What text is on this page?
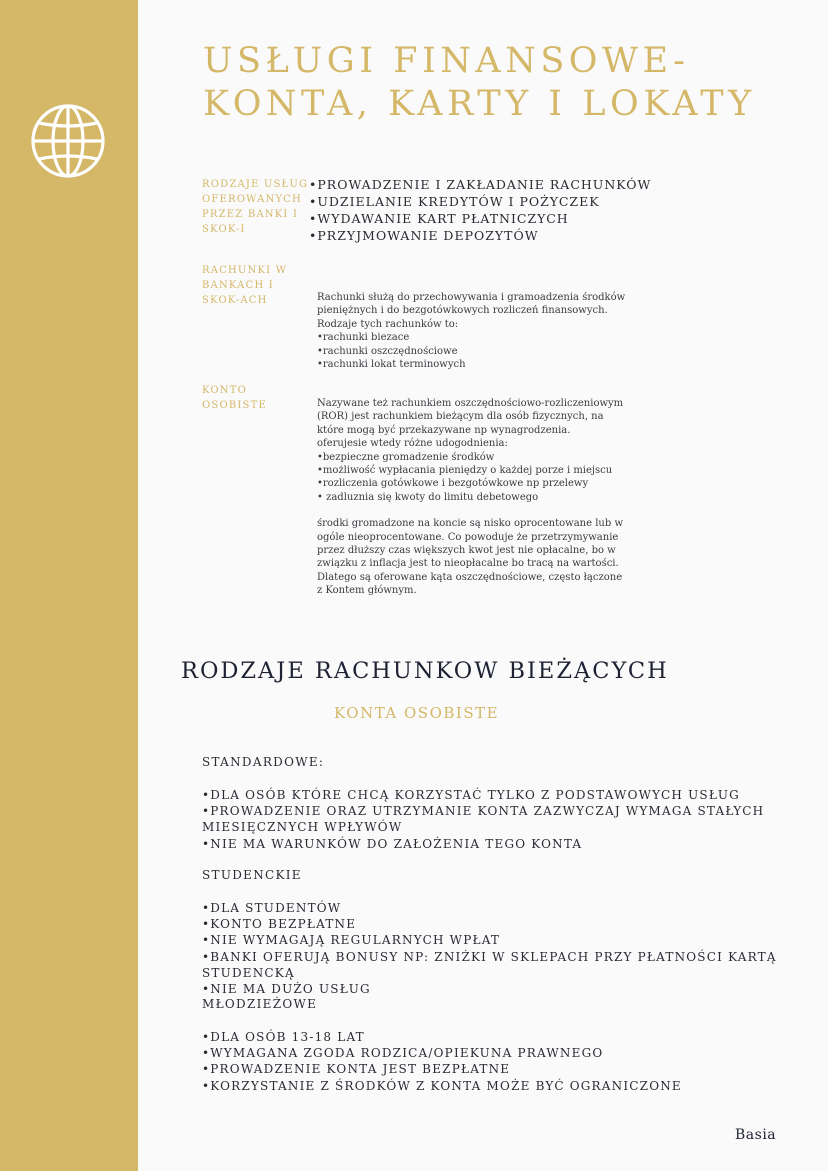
USŁUGI FINANSOWE-
KONTA, KARTY I LOKATY
RODZAJE USŁUG OFEROWANYCH PRZEZ BANKI I SKOK-I
•PROWADZENIE I ZAKŁADANIE RACHUNKÓW
•UDZIELANIE KREDYTÓW I POŻYCZEK
•WYDAWANIE KART PŁATNICZYCH
•PRZYJMOWANIE DEPOZYTÓW
RACHUNKI W BANKACH I SKOK-ACH	Rachunki służą do przechowywania i gramoadzenia środków pieniężnych i do bezgotówkowych rozliczeń finansowych.

Rodzaje tych rachunków to:

•rachunki biezace

•rachunki oszczędnościowe

•rachunki lokat terminowych

KONTO OSOBISTE	Nazywane też rachunkiem oszczędnościowo-rozliczeniowym (ROR) jest rachunkiem bieżącym dla osób fizycznych, na które mogą być przekazywane np wynagrodzenia.

oferujesie wtedy różne udogodnienia:

•bezpieczne gromadzenie środków

•możliwość wypłacania pieniędzy o każdej porze i miejscu

•rozliczenia gotówkowe i bezgotówkowe np przelewy

• zadluznia się kwoty do limitu debetowego

środki gromadzone na koncie są nisko oprocentowane lub w ogóle nieoprocentowane. Co powoduje że przetrzymywanie przez dłuższy czas większych kwot jest nie opłacalne, bo w związku z inflacja jest to nieopłacalne bo tracą na wartości. Dlatego są oferowane kąta oszczędnościowe, często łączone z Kontem głównym.

RODZAJE RACHUNKOW BIEŻĄCYCH
KONTA OSOBISTE
STANDARDOWE:
•DLA OSÓB KTÓRE CHCĄ KORZYSTAĆ TYLKO Z PODSTAWOWYCH USŁUG
•PROWADZENIE ORAZ UTRZYMANIE KONTA ZAZWYCZAJ WYMAGA STAŁYCH MIESIĘCZNYCH WPŁYWÓW
•NIE MA WARUNKÓW DO ZAŁOŻENIA TEGO KONTA
STUDENCKIE
•DLA STUDENTÓW
•KONTO BEZPŁATNE
•NIE WYMAGAJĄ REGULARNYCH WPŁAT
•BANKI OFERUJĄ BONUSY NP: ZNIŻKI W SKLEPACH PRZY PŁATNOŚCI KARTĄ STUDENCKĄ
•NIE MA DUŻO USŁUG
MŁODZIEŻOWE
•DLA OSÓB 13-18 LAT
•WYMAGANA ZGODA RODZICA/OPIEKUNA PRAWNEGO
•PROWADZENIE KONTA JEST BEZPŁATNE
•KORZYSTANIE Z ŚRODKÓW Z KONTA MOŻE BYĆ OGRANICZONE
Basia
